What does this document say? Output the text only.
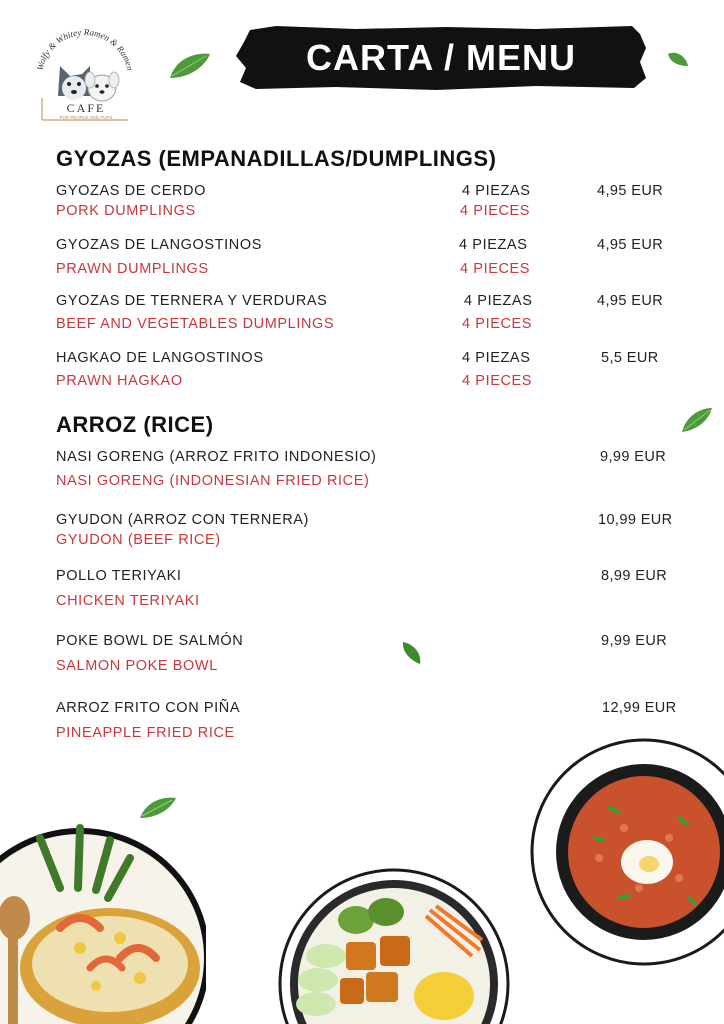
Wolfy & Whitey Ramen & Ramen
CAFE
FOR PEOPLE AND PUPS
CARTA / MENU
GYOZAS (EMPANADILLAS/DUMPLINGS)
GYOZAS DE CERDO
PORK DUMPLINGS
4 PIEZAS
4 PIECES
4,95 EUR
GYOZAS DE LANGOSTINOS
PRAWN DUMPLINGS
4 PIEZAS
4 PIECES
4,95 EUR
GYOZAS DE TERNERA Y VERDURAS
BEEF AND VEGETABLES DUMPLINGS
4 PIEZAS
4 PIECES
4,95 EUR
HAGKAO DE LANGOSTINOS
PRAWN HAGKAO
4 PIEZAS
4 PIECES
5,5 EUR
ARROZ (RICE)
NASI GORENG (ARROZ FRITO INDONESIO)
NASI GORENG (INDONESIAN FRIED RICE)
9,99 EUR
GYUDON (ARROZ CON TERNERA)
GYUDON (BEEF RICE)
10,99 EUR
POLLO TERIYAKI
CHICKEN TERIYAKI
8,99 EUR
POKE BOWL DE SALMÓN
SALMON POKE BOWL
9,99 EUR
ARROZ FRITO CON PIÑA
PINEAPPLE FRIED RICE
12,99 EUR
